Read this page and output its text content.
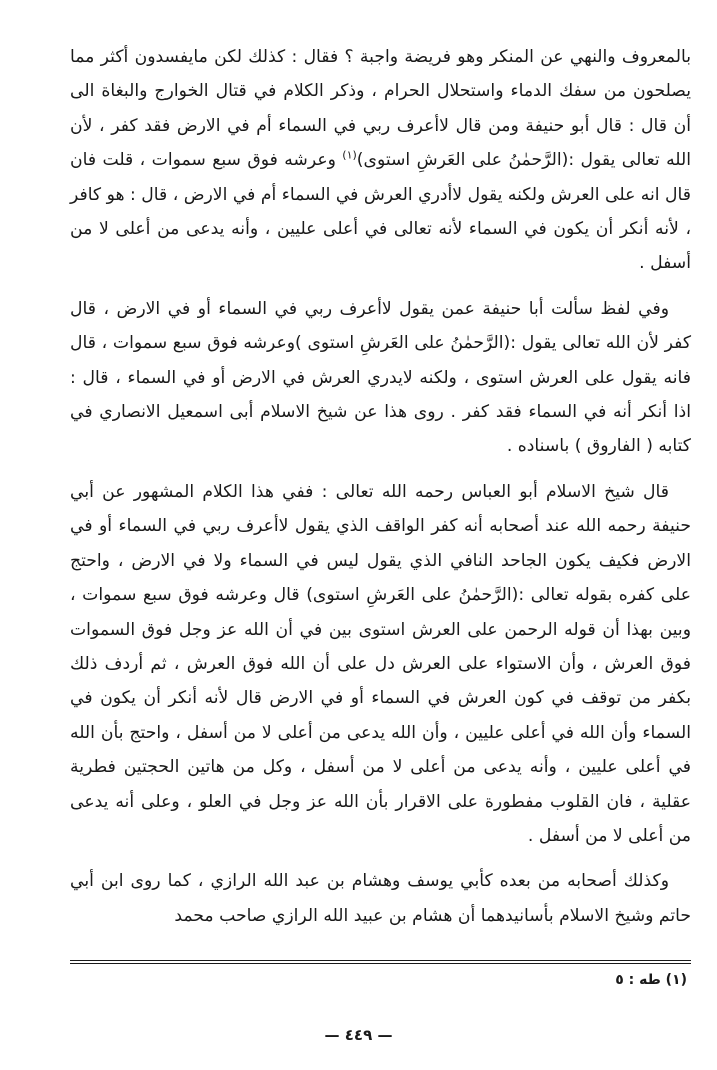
بالمعروف والنهي عن المنكر وهو فريضة واجبة ؟ فقال : كذلك لكن مايفسدون أكثر مما يصلحون من سفك الدماء واستحلال الحرام ، وذكر الكلام في قتال الخوارج والبغاة الى أن قال : قال أبو حنيفة ومن قال لاأعرف ربي في السماء أم في الارض فقد كفر ، لأن الله تعالى يقول :(الرَّحمٰنُ على العَرشِ استوى)$^{(١)}$ وعرشه فوق سبع سموات ، قلت فان قال انه على العرش ولكنه يقول لاأدري العرش في السماء أم في الارض ، قال : هو كافر ، لأنه أنكر أن يكون في السماء لأنه تعالى في أعلى عليين ، وأنه يدعى من أعلى لا من أسفل .

وفي لفظ سألت أبا حنيفة عمن يقول لاأعرف ربي في السماء أو في الارض ، قال كفر لأن الله تعالى يقول :(الرَّحمٰنُ على العَرشِ استوى )وعرشه فوق سبع سموات ، قال فانه يقول على العرش استوى ، ولكنه لايدري العرش في الارض أو في السماء ، قال : اذا أنكر أنه في السماء فقد كفر . روى هذا عن شيخ الاسلام أبى اسمعيل الانصاري في كتابه ( الفاروق ) باسناده .

قال شيخ الاسلام أبو العباس رحمه الله تعالى : ففي هذا الكلام المشهور عن أبي حنيفة رحمه الله عند أصحابه أنه كفر الواقف الذي يقول لاأعرف ربي في السماء أو في الارض فكيف يكون الجاحد النافي الذي يقول ليس في السماء ولا في الارض ، واحتج على كفره بقوله تعالى :(الرَّحمٰنُ على العَرشِ استوى) قال وعرشه فوق سبع سموات ، وبين بهذا أن قوله الرحمن على العرش استوى بين في أن الله عز وجل فوق السموات فوق العرش ، وأن الاستواء على العرش دل على أن الله فوق العرش ، ثم أردف ذلك بكفر من توقف في كون العرش في السماء أو في الارض قال لأنه أنكر أن يكون في السماء وأن الله في أعلى عليين ، وأن الله يدعى من أعلى لا من أسفل ، واحتج بأن الله في أعلى عليين ، وأنه يدعى من أعلى لا من أسفل ، وكل من هاتين الحجتين فطرية عقلية ، فان القلوب مفطورة على الاقرار بأن الله عز وجل في العلو ، وعلى أنه يدعى من أعلى لا من أسفل .

وكذلك أصحابه من بعده كأبي يوسف وهشام بن عبد الله الرازي ، كما روى ابن أبي حاتم وشيخ الاسلام بأسانيدهما أن هشام بن عبيد الله الرازي صاحب محمد

(١) طه : ٥
— ٤٤٩ —
